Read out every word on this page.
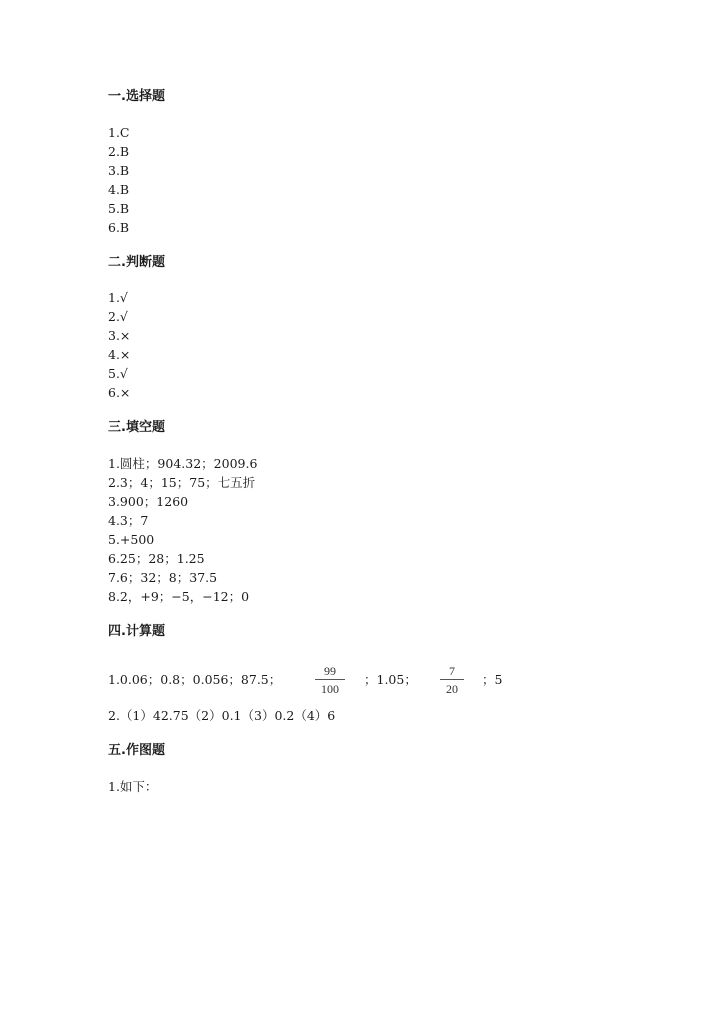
一.选择题
1.C
2.B
3.B
4.B
5.B
6.B
二.判断题
1.√
2.√
3.×
4.×
5.√
6.×
三.填空题
1.圆柱；904.32；2009.6
2.3；4；15；75；七五折
3.900；1260
4.3；7
5.+500
6.25；28；1.25
7.6；32；8；37.5
8.2，+9；−5，−12；0
四.计算题
1.0.06；0.8；0.056；87.5；
99
100
；1.05；
7
20
；5
2.（1）42.75（2）0.1（3）0.2（4）6
五.作图题
1.如下：
